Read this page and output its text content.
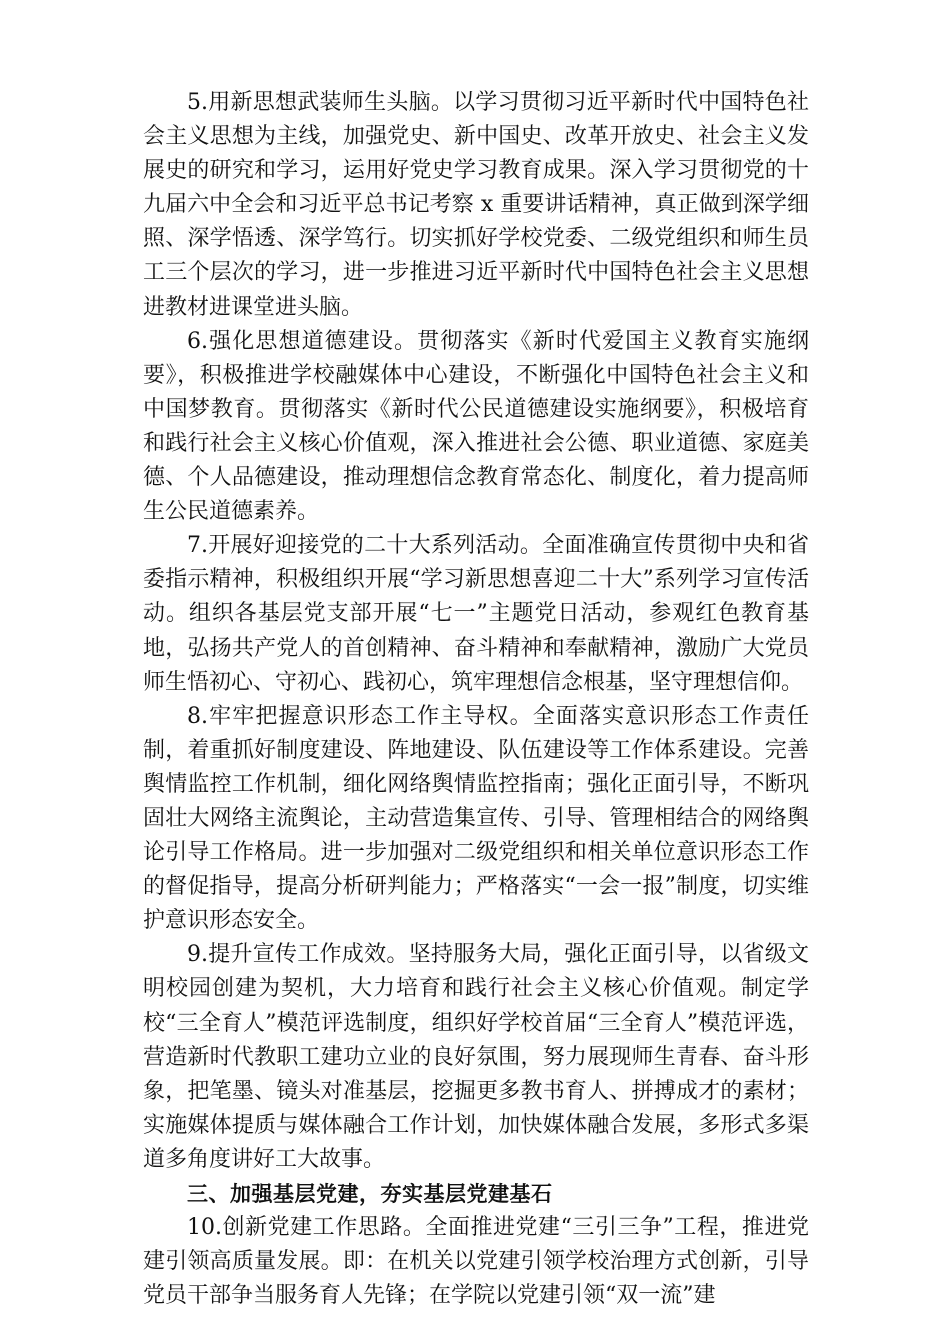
5.用新思想武装师生头脑。以学习贯彻习近平新时代中国特色社会主义思想为主线，加强党史、新中国史、改革开放史、社会主义发展史的研究和学习，运用好党史学习教育成果。深入学习贯彻党的十九届六中全会和习近平总书记考察 x 重要讲话精神，真正做到深学细照、深学悟透、深学笃行。切实抓好学校党委、二级党组织和师生员工三个层次的学习，进一步推进习近平新时代中国特色社会主义思想进教材进课堂进头脑。

6.强化思想道德建设。贯彻落实《新时代爱国主义教育实施纲要》，积极推进学校融媒体中心建设，不断强化中国特色社会主义和中国梦教育。贯彻落实《新时代公民道德建设实施纲要》，积极培育和践行社会主义核心价值观，深入推进社会公德、职业道德、家庭美德、个人品德建设，推动理想信念教育常态化、制度化，着力提高师生公民道德素养。

7.开展好迎接党的二十大系列活动。全面准确宣传贯彻中央和省委指示精神，积极组织开展“学习新思想喜迎二十大”系列学习宣传活动。组织各基层党支部开展“七一”主题党日活动，参观红色教育基地，弘扬共产党人的首创精神、奋斗精神和奉献精神，激励广大党员师生悟初心、守初心、践初心，筑牢理想信念根基，坚守理想信仰。

8.牢牢把握意识形态工作主导权。全面落实意识形态工作责任制，着重抓好制度建设、阵地建设、队伍建设等工作体系建设。完善舆情监控工作机制，细化网络舆情监控指南；强化正面引导，不断巩固壮大网络主流舆论，主动营造集宣传、引导、管理相结合的网络舆论引导工作格局。进一步加强对二级党组织和相关单位意识形态工作的督促指导，提高分析研判能力；严格落实“一会一报”制度，切实维护意识形态安全。

9.提升宣传工作成效。坚持服务大局，强化正面引导，以省级文明校园创建为契机，大力培育和践行社会主义核心价值观。制定学校“三全育人”模范评选制度，组织好学校首届“三全育人”模范评选，营造新时代教职工建功立业的良好氛围，努力展现师生青春、奋斗形象，把笔墨、镜头对准基层，挖掘更多教书育人、拼搏成才的素材；实施媒体提质与媒体融合工作计划，加快媒体融合发展，多形式多渠道多角度讲好工大故事。

三、加强基层党建，夯实基层党建基石

10.创新党建工作思路。全面推进党建“三引三争”工程，推进党建引领高质量发展。即：在机关以党建引领学校治理方式创新，引导党员干部争当服务育人先锋；在学院以党建引领“双一流”建
